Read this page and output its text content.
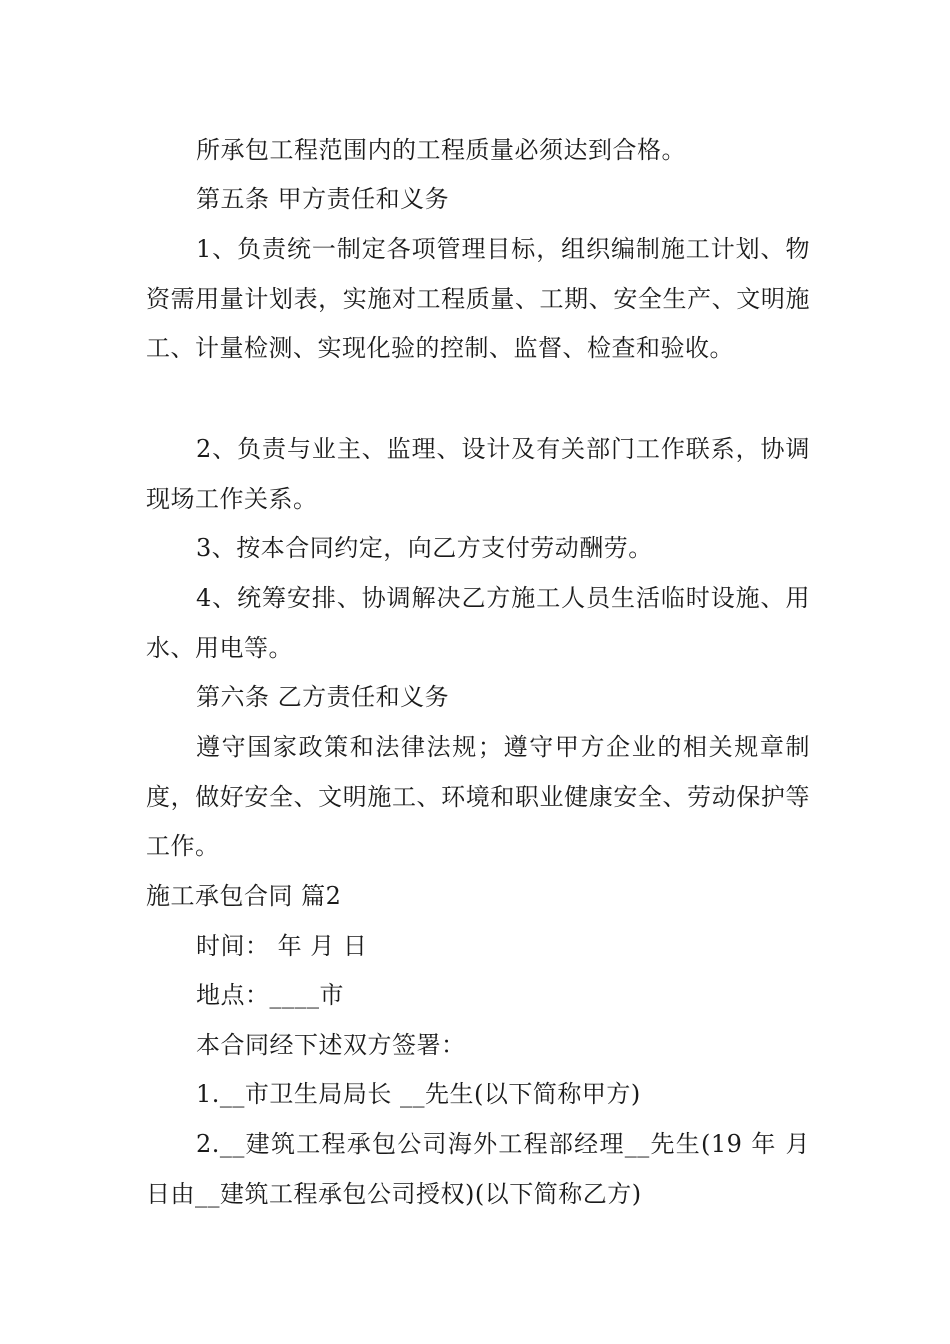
所承包工程范围内的工程质量必须达到合格。

第五条 甲方责任和义务

1、负责统一制定各项管理目标，组织编制施工计划、物资需用量计划表，实施对工程质量、工期、安全生产、文明施工、计量检测、实现化验的控制、监督、检查和验收。

2、负责与业主、监理、设计及有关部门工作联系，协调现场工作关系。

3、按本合同约定，向乙方支付劳动酬劳。

4、统筹安排、协调解决乙方施工人员生活临时设施、用水、用电等。

第六条 乙方责任和义务

遵守国家政策和法律法规；遵守甲方企业的相关规章制度，做好安全、文明施工、环境和职业健康安全、劳动保护等工作。

施工承包合同 篇2

时间： 年 月 日

地点：____市

本合同经下述双方签署：

1.__市卫生局局长 __先生(以下简称甲方)

2.__建筑工程承包公司海外工程部经理__先生(19 年 月 日由__建筑工程承包公司授权)(以下简称乙方)
